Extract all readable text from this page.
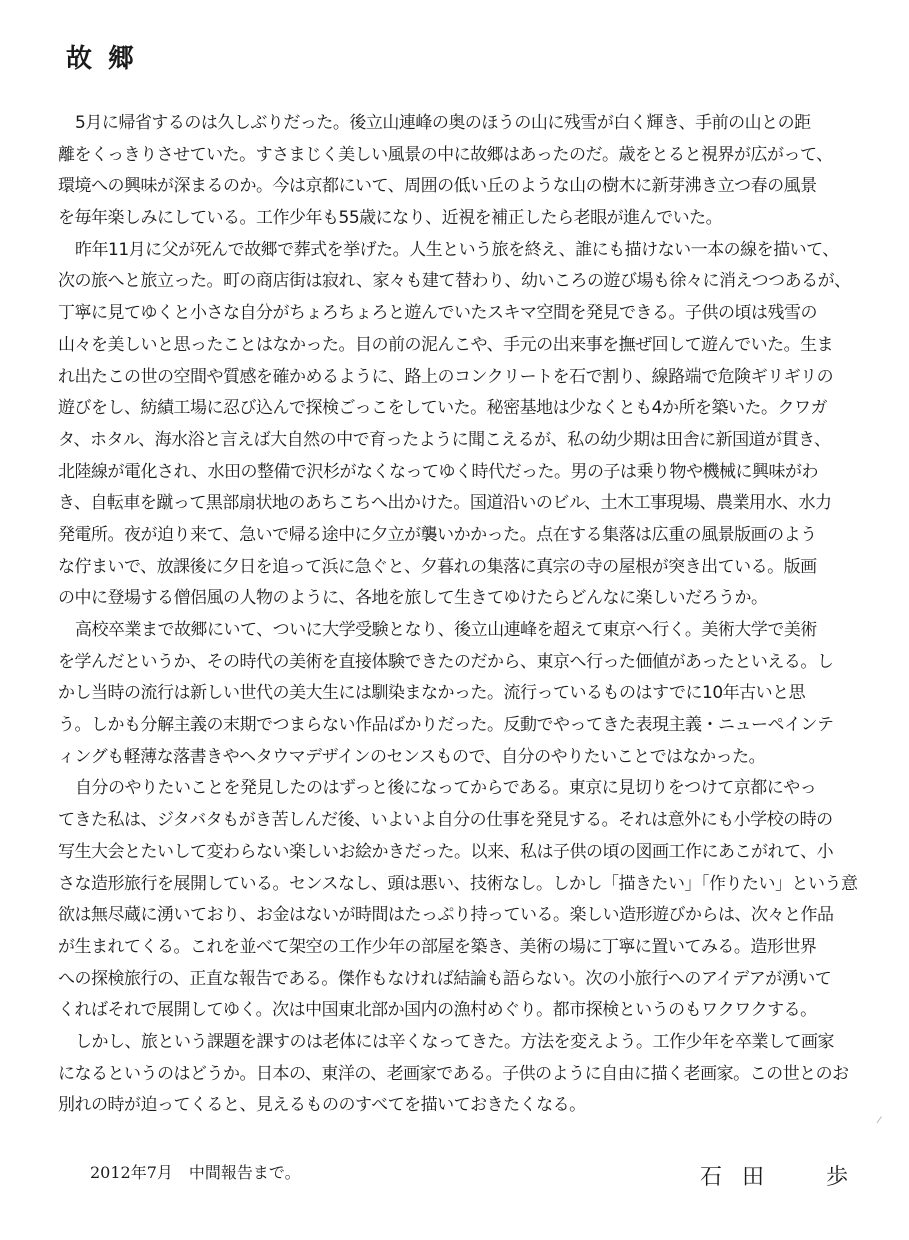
故郷
5月に帰省するのは久しぶりだった。後立山連峰の奥のほうの山に残雪が白く輝き、手前の山との距
離をくっきりさせていた。すさまじく美しい風景の中に故郷はあったのだ。歳をとると視界が広がって、
環境への興味が深まるのか。今は京都にいて、周囲の低い丘のような山の樹木に新芽沸き立つ春の風景
を毎年楽しみにしている。工作少年も55歳になり、近視を補正したら老眼が進んでいた。
昨年11月に父が死んで故郷で葬式を挙げた。人生という旅を終え、誰にも描けない一本の線を描いて、
次の旅へと旅立った。町の商店街は寂れ、家々も建て替わり、幼いころの遊び場も徐々に消えつつあるが、
丁寧に見てゆくと小さな自分がちょろちょろと遊んでいたスキマ空間を発見できる。子供の頃は残雪の
山々を美しいと思ったことはなかった。目の前の泥んこや、手元の出来事を撫ぜ回して遊んでいた。生ま
れ出たこの世の空間や質感を確かめるように、路上のコンクリートを石で割り、線路端で危険ギリギリの
遊びをし、紡績工場に忍び込んで探検ごっこをしていた。秘密基地は少なくとも4か所を築いた。クワガ
タ、ホタル、海水浴と言えば大自然の中で育ったように聞こえるが、私の幼少期は田舎に新国道が貫き、
北陸線が電化され、水田の整備で沢杉がなくなってゆく時代だった。男の子は乗り物や機械に興味がわ
き、自転車を蹴って黒部扇状地のあちこちへ出かけた。国道沿いのビル、土木工事現場、農業用水、水力
発電所。夜が迫り来て、急いで帰る途中に夕立が襲いかかった。点在する集落は広重の風景版画のよう
な佇まいで、放課後に夕日を追って浜に急ぐと、夕暮れの集落に真宗の寺の屋根が突き出ている。版画
の中に登場する僧侶風の人物のように、各地を旅して生きてゆけたらどんなに楽しいだろうか。
高校卒業まで故郷にいて、ついに大学受験となり、後立山連峰を超えて東京へ行く。美術大学で美術
を学んだというか、その時代の美術を直接体験できたのだから、東京へ行った価値があったといえる。し
かし当時の流行は新しい世代の美大生には馴染まなかった。流行っているものはすでに10年古いと思
う。しかも分解主義の末期でつまらない作品ばかりだった。反動でやってきた表現主義・ニューペインテ
ィングも軽薄な落書きやヘタウマデザインのセンスもので、自分のやりたいことではなかった。
自分のやりたいことを発見したのはずっと後になってからである。東京に見切りをつけて京都にやっ
てきた私は、ジタバタもがき苦しんだ後、いよいよ自分の仕事を発見する。それは意外にも小学校の時の
写生大会とたいして変わらない楽しいお絵かきだった。以来、私は子供の頃の図画工作にあこがれて、小
さな造形旅行を展開している。センスなし、頭は悪い、技術なし。しかし「描きたい」「作りたい」という意
欲は無尽蔵に湧いており、お金はないが時間はたっぷり持っている。楽しい造形遊びからは、次々と作品
が生まれてくる。これを並べて架空の工作少年の部屋を築き、美術の場に丁寧に置いてみる。造形世界
への探検旅行の、正直な報告である。傑作もなければ結論も語らない。次の小旅行へのアイデアが湧いて
くればそれで展開してゆく。次は中国東北部か国内の漁村めぐり。都市探検というのもワクワクする。
しかし、旅という課題を課すのは老体には辛くなってきた。方法を変えよう。工作少年を卒業して画家
になるというのはどうか。日本の、東洋の、老画家である。子供のように自由に描く老画家。この世とのお
別れの時が迫ってくると、見えるもののすべてを描いておきたくなる。
2012年7月　中間報告まで。	石田　歩
